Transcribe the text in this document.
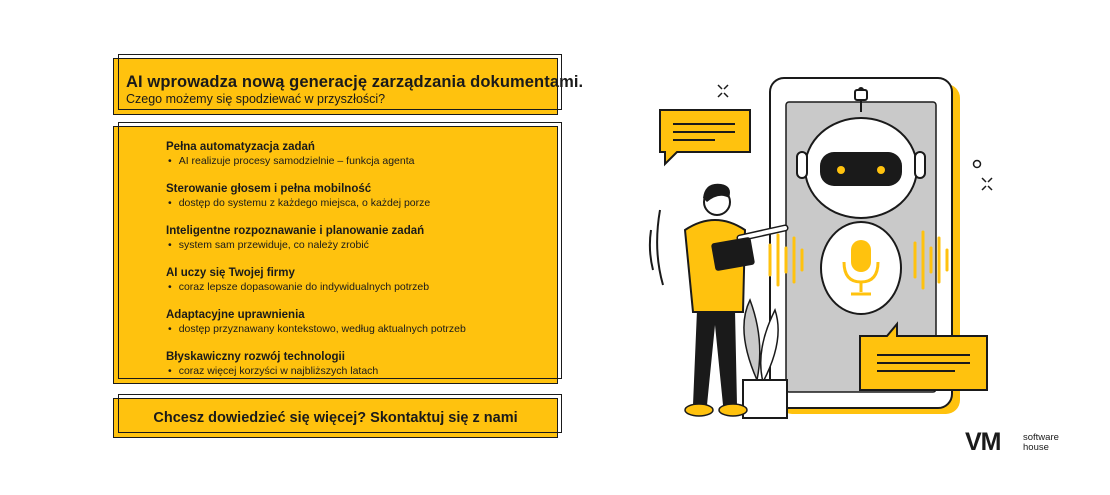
AI wprowadza nową generację zarządzania dokumentami.
Czego możemy się spodziewać w przyszłości?
Pełna automatyzacja zadań
• AI realizuje procesy samodzielnie – funkcja agenta
Sterowanie głosem i pełna mobilność
• dostęp do systemu z każdego miejsca, o każdej porze
Inteligentne rozpoznawanie i planowanie zadań
• system sam przewiduje, co należy zrobić
AI uczy się Twojej firmy
• coraz lepsze dopasowanie do indywidualnych potrzeb
Adaptacyjne uprawnienia
• dostęp przyznawany kontekstowo, według aktualnych potrzeb
Błyskawiczny rozwój technologii
• coraz więcej korzyści w najbliższych latach
Chcesz dowiedzieć się więcej? Skontaktuj się z nami
VM software
house
